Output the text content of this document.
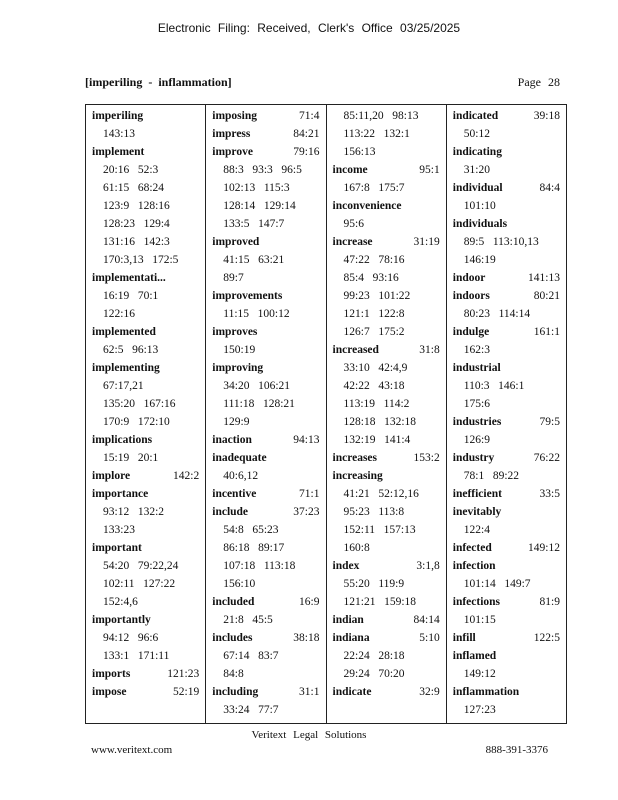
Electronic Filing: Received, Clerk's Office 03/25/2025
[imperiling - inflammation]	Page 28
imperiling
143:13
implement
20:16   52:3
61:15   68:24
123:9   128:16
128:23   129:4
131:16   142:3
170:3,13   172:5
implementati...
16:19   70:1
122:16
implemented
62:5   96:13
implementing
67:17,21
135:20   167:16
170:9   172:10
implications
15:19   20:1
implore	142:2
importance
93:12   132:2
133:23
important
54:20   79:22,24
102:11   127:22
152:4,6
importantly
94:12   96:6
133:1   171:11
imports	121:23
impose	52:19
imposing	71:4
impress	84:21
improve	79:16
88:3   93:3   96:5
102:13   115:3
128:14   129:14
133:5   147:7
improved
41:15   63:21
89:7
improvements
11:15   100:12
improves
150:19
improving
34:20   106:21
111:18   128:21
129:9
inaction	94:13
inadequate
40:6,12
incentive	71:1
include	37:23
54:8   65:23
86:18   89:17
107:18   113:18
156:10
included	16:9
21:8   45:5
includes	38:18
67:14   83:7
84:8
including	31:1
33:24   77:7
85:11,20   98:13
113:22   132:1
156:13
income	95:1
167:8   175:7
inconvenience
95:6
increase	31:19
47:22   78:16
85:4   93:16
99:23   101:22
121:1   122:8
126:7   175:2
increased	31:8
33:10   42:4,9
42:22   43:18
113:19   114:2
128:18   132:18
132:19   141:4
increases	153:2
increasing
41:21   52:12,16
95:23   113:8
152:11   157:13
160:8
index	3:1,8
55:20   119:9
121:21   159:18
indian	84:14
indiana	5:10
22:24   28:18
29:24   70:20
indicate	32:9
indicated	39:18
50:12
indicating
31:20
individual	84:4
101:10
individuals
89:5   113:10,13
146:19
indoor	141:13
indoors	80:21
80:23   114:14
indulge	161:1
162:3
industrial
110:3   146:1
175:6
industries	79:5
126:9
industry	76:22
78:1   89:22
inefficient	33:5
inevitably
122:4
infected	149:12
infection
101:14   149:7
infections	81:9
101:15
infill	122:5
inflamed
149:12
inflammation
127:23
Veritext Legal Solutions
www.veritext.com	888-391-3376
